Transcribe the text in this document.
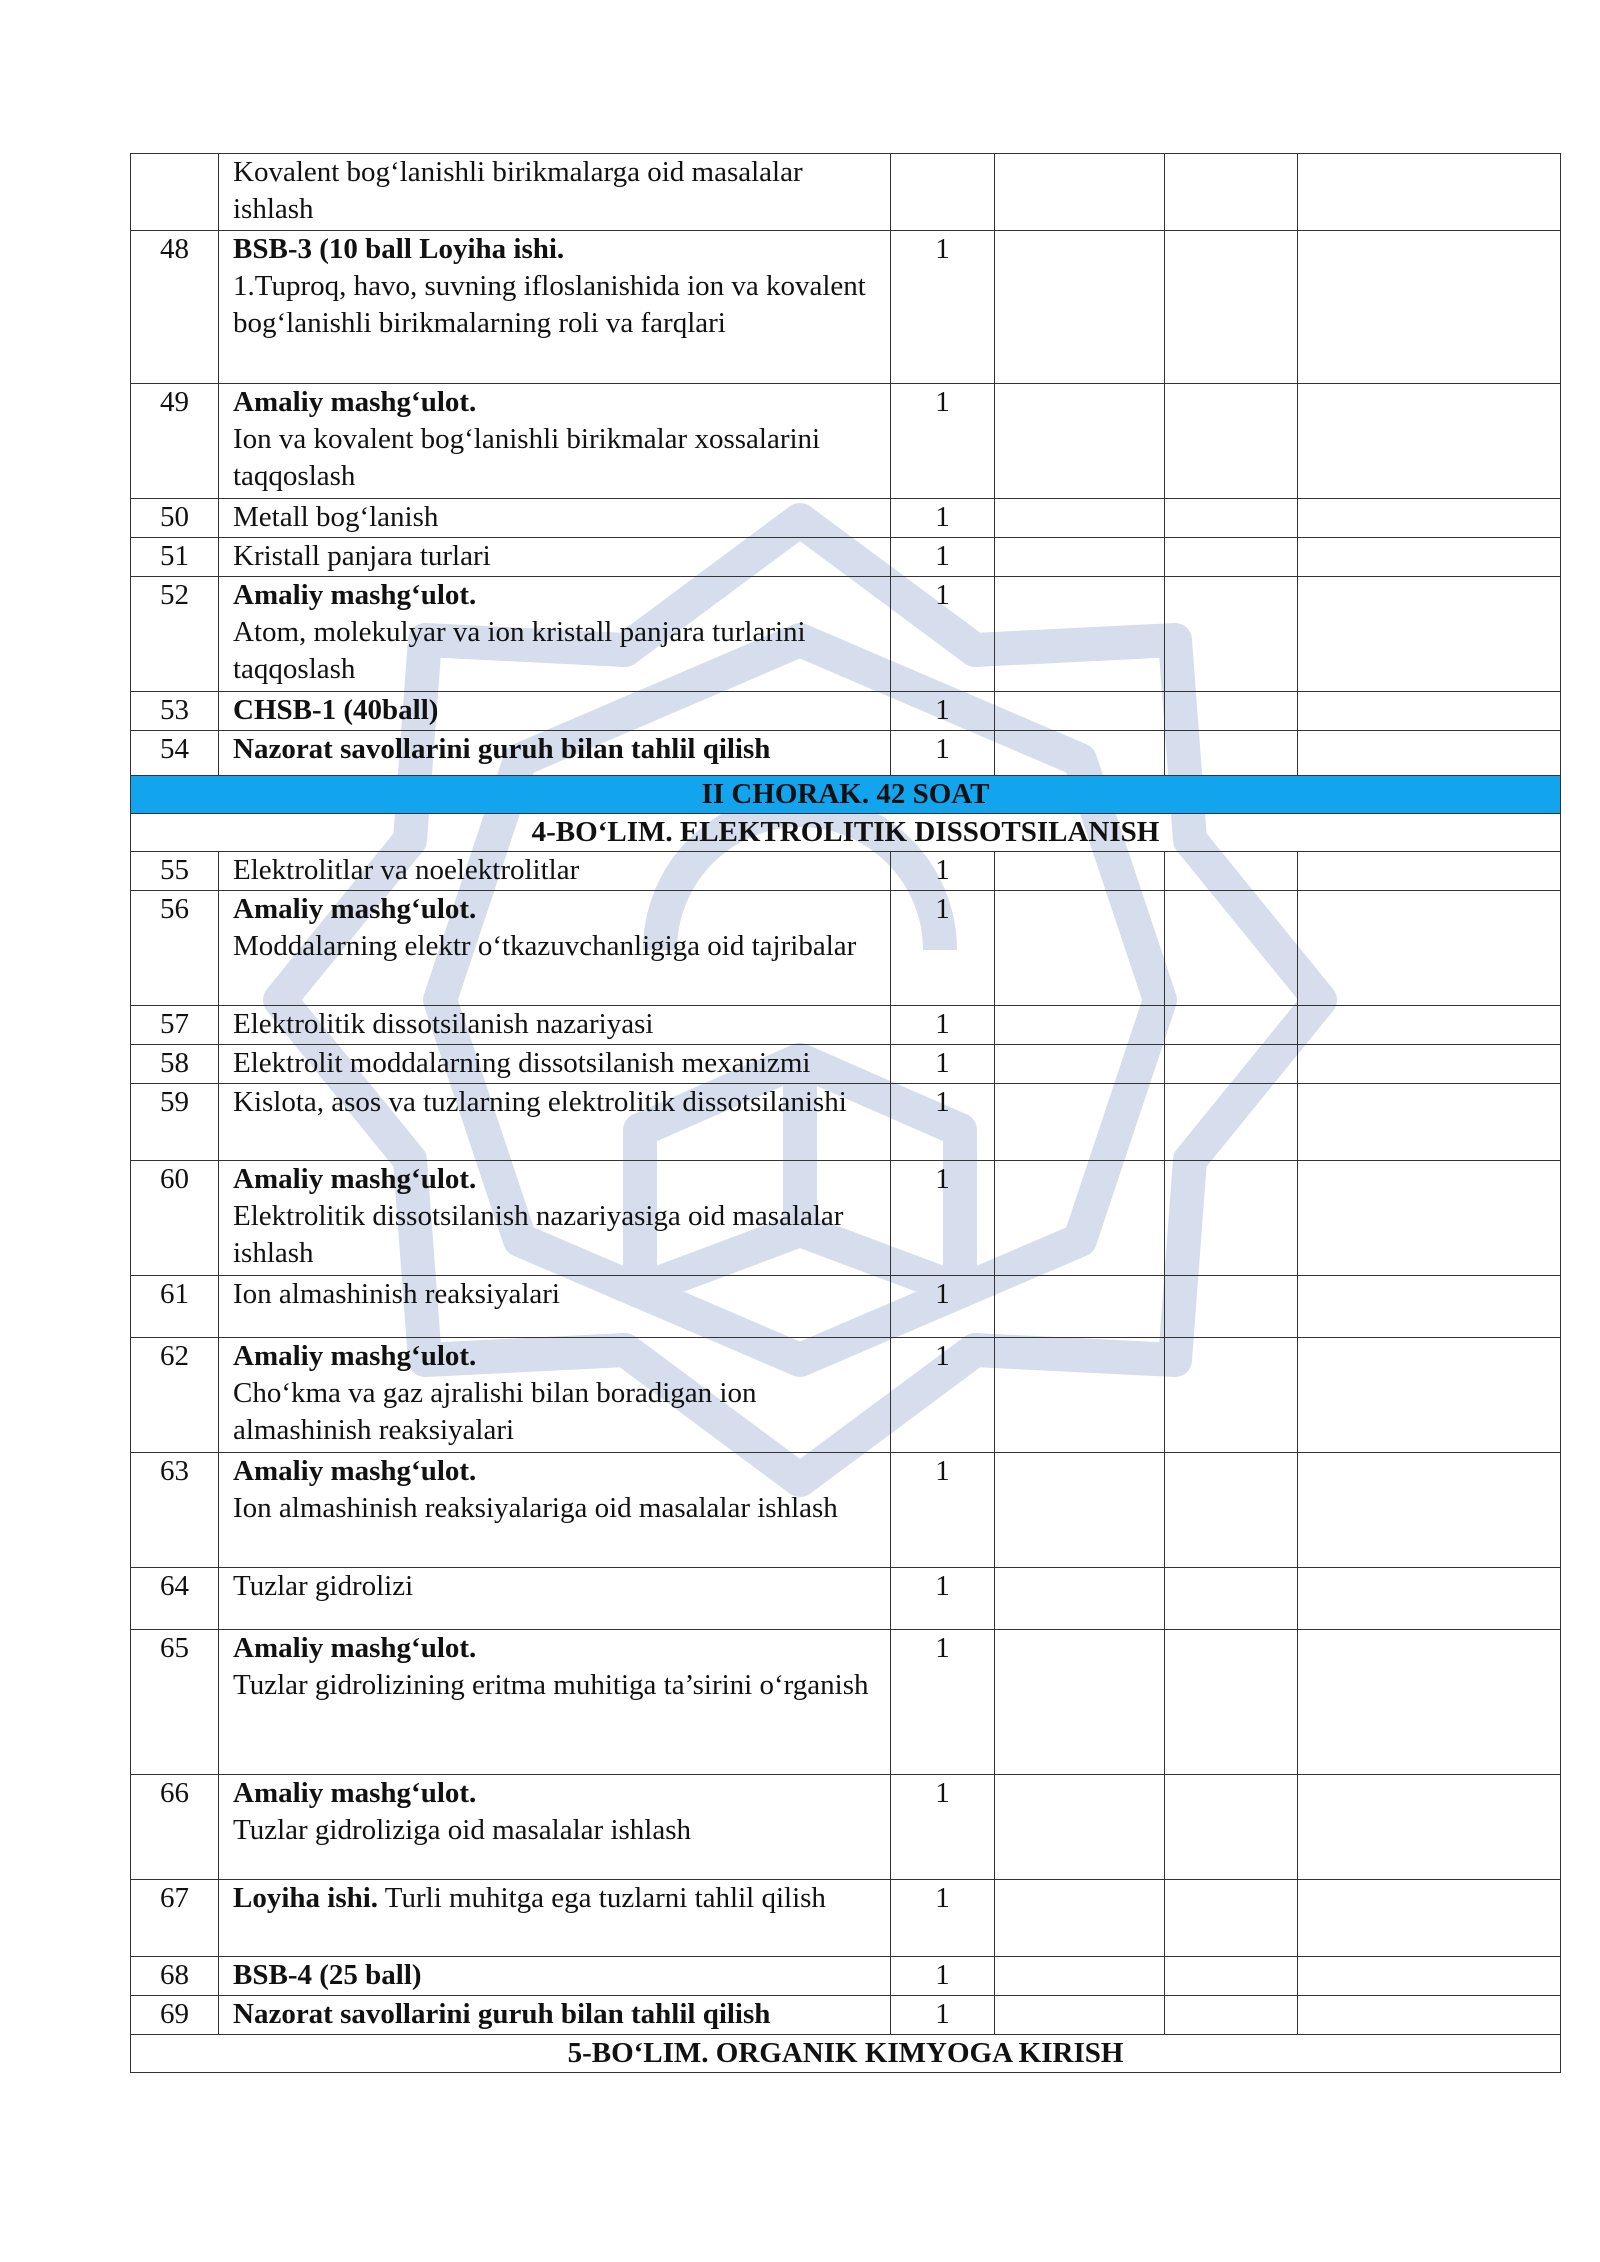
	Kovalent bog‘lanishli birikmalarga oid masalalar ishlash				
48	BSB-3 (10 ball Loyiha ishi.
1.Tuproq, havo, suvning ifloslanishida ion va kovalent bog‘lanishli birikmalarning roli va farqlari	1			
49	Amaliy mashg‘ulot.
Ion va kovalent bog‘lanishli birikmalar xossalarini taqqoslash	1			
50	Metall bog‘lanish	1			
51	Kristall panjara turlari	1			
52	Amaliy mashg‘ulot.
Atom, molekulyar va ion kristall panjara turlarini taqqoslash	1			
53	CHSB-1 (40ball)	1			
54	Nazorat savollarini guruh bilan tahlil qilish	1			
II CHORAK. 42 SOAT					
4-BO‘LIM. ELEKTROLITIK DISSOTSILANISH					
55	Elektrolitlar va noelektrolitlar	1			
56	Amaliy mashg‘ulot.
Moddalarning elektr o‘tkazuvchanligiga oid tajribalar	1			
57	Elektrolitik dissotsilanish nazariyasi	1			
58	Elektrolit moddalarning dissotsilanish mexanizmi	1			
59	Kislota, asos va tuzlarning elektrolitik dissotsilanishi	1			
60	Amaliy mashg‘ulot.
Elektrolitik dissotsilanish nazariyasiga oid masalalar ishlash	1			
61	Ion almashinish reaksiyalari	1			
62	Amaliy mashg‘ulot.
Cho‘kma va gaz ajralishi bilan boradigan ion almashinish reaksiyalari	1			
63	Amaliy mashg‘ulot.
Ion almashinish reaksiyalariga oid masalalar ishlash	1			
64	Tuzlar gidrolizi	1			
65	Amaliy mashg‘ulot.
Tuzlar gidrolizining eritma muhitiga ta’sirini o‘rganish	1			
66	Amaliy mashg‘ulot.
Tuzlar gidroliziga oid masalalar ishlash	1			
67	Loyiha ishi. Turli muhitga ega tuzlarni tahlil qilish	1			
68	BSB-4 (25 ball)	1			
69	Nazorat savollarini guruh bilan tahlil qilish	1			
5-BO‘LIM. ORGANIK KIMYOGA KIRISH					
